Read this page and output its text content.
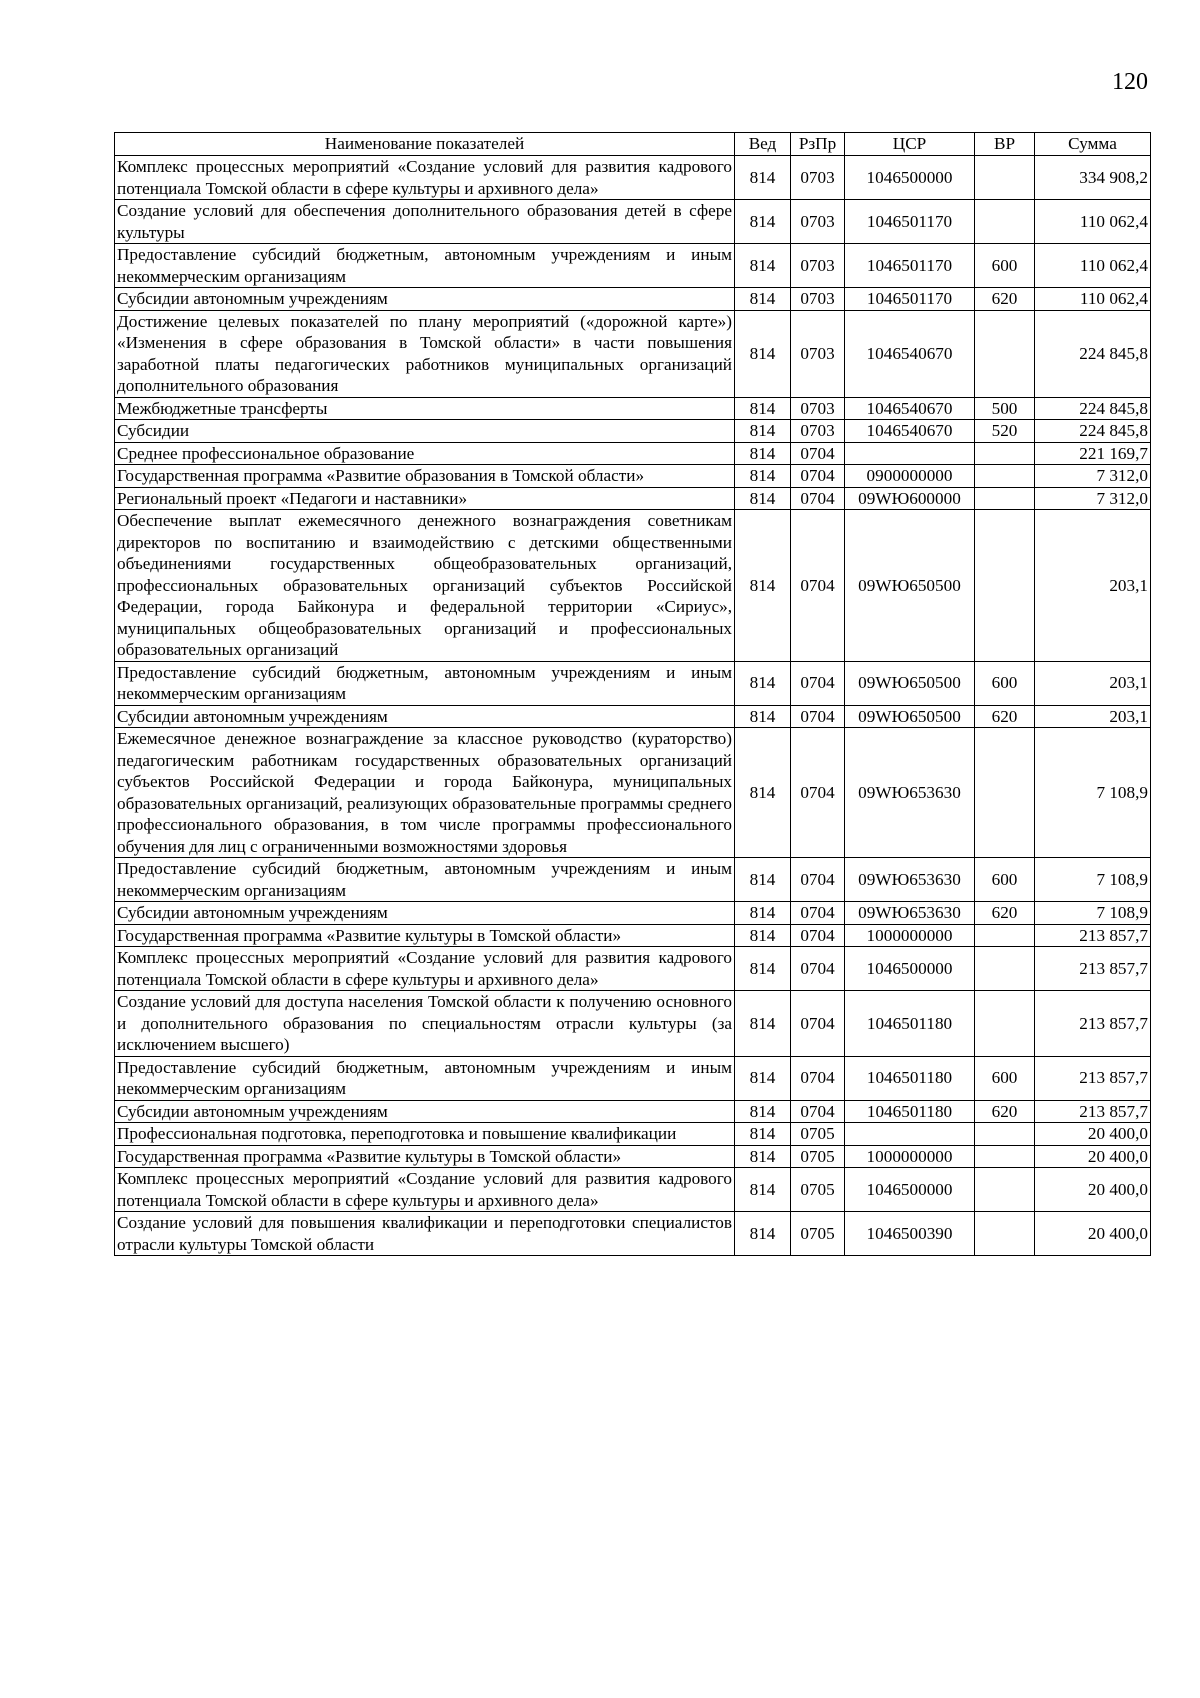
120
Наименование показателей	Вед	РзПр	ЦСР	ВР	Сумма
Комплекс процессных мероприятий «Создание условий для развития кадрового потенциала Томской области в сфере культуры и архивного дела»	814	0703	1046500000		334 908,2
Создание условий для обеспечения дополнительного образования детей в сфере культуры	814	0703	1046501170		110 062,4
Предоставление субсидий бюджетным, автономным учреждениям и иным некоммерческим организациям	814	0703	1046501170	600	110 062,4
Субсидии автономным учреждениям	814	0703	1046501170	620	110 062,4
Достижение целевых показателей по плану мероприятий («дорожной карте») «Изменения в сфере образования в Томской области» в части повышения заработной платы педагогических работников муниципальных организаций дополнительного образования	814	0703	1046540670		224 845,8
Межбюджетные трансферты	814	0703	1046540670	500	224 845,8
Субсидии	814	0703	1046540670	520	224 845,8
Среднее профессиональное образование	814	0704			221 169,7
Государственная программа «Развитие образования в Томской области»	814	0704	0900000000		7 312,0
Региональный проект «Педагоги и наставники»	814	0704	09WЮ600000		7 312,0
Обеспечение выплат ежемесячного денежного вознаграждения советникам директоров по воспитанию и взаимодействию с детскими общественными объединениями государственных общеобразовательных организаций, профессиональных образовательных организаций субъектов Российской Федерации, города Байконура и федеральной территории «Сириус», муниципальных общеобразовательных организаций и профессиональных образовательных организаций	814	0704	09WЮ650500		203,1
Предоставление субсидий бюджетным, автономным учреждениям и иным некоммерческим организациям	814	0704	09WЮ650500	600	203,1
Субсидии автономным учреждениям	814	0704	09WЮ650500	620	203,1
Ежемесячное денежное вознаграждение за классное руководство (кураторство) педагогическим работникам государственных образовательных организаций субъектов Российской Федерации и города Байконура, муниципальных образовательных организаций, реализующих образовательные программы среднего профессионального образования, в том числе программы профессионального обучения для лиц с ограниченными возможностями здоровья	814	0704	09WЮ653630		7 108,9
Предоставление субсидий бюджетным, автономным учреждениям и иным некоммерческим организациям	814	0704	09WЮ653630	600	7 108,9
Субсидии автономным учреждениям	814	0704	09WЮ653630	620	7 108,9
Государственная программа «Развитие культуры в Томской области»	814	0704	1000000000		213 857,7
Комплекс процессных мероприятий «Создание условий для развития кадрового потенциала Томской области в сфере культуры и архивного дела»	814	0704	1046500000		213 857,7
Создание условий для доступа населения Томской области к получению основного и дополнительного образования по специальностям отрасли культуры (за исключением высшего)	814	0704	1046501180		213 857,7
Предоставление субсидий бюджетным, автономным учреждениям и иным некоммерческим организациям	814	0704	1046501180	600	213 857,7
Субсидии автономным учреждениям	814	0704	1046501180	620	213 857,7
Профессиональная подготовка, переподготовка и повышение квалификации	814	0705			20 400,0
Государственная программа «Развитие культуры в Томской области»	814	0705	1000000000		20 400,0
Комплекс процессных мероприятий «Создание условий для развития кадрового потенциала Томской области в сфере культуры и архивного дела»	814	0705	1046500000		20 400,0
Создание условий для повышения квалификации и переподготовки специалистов отрасли культуры Томской области	814	0705	1046500390		20 400,0
